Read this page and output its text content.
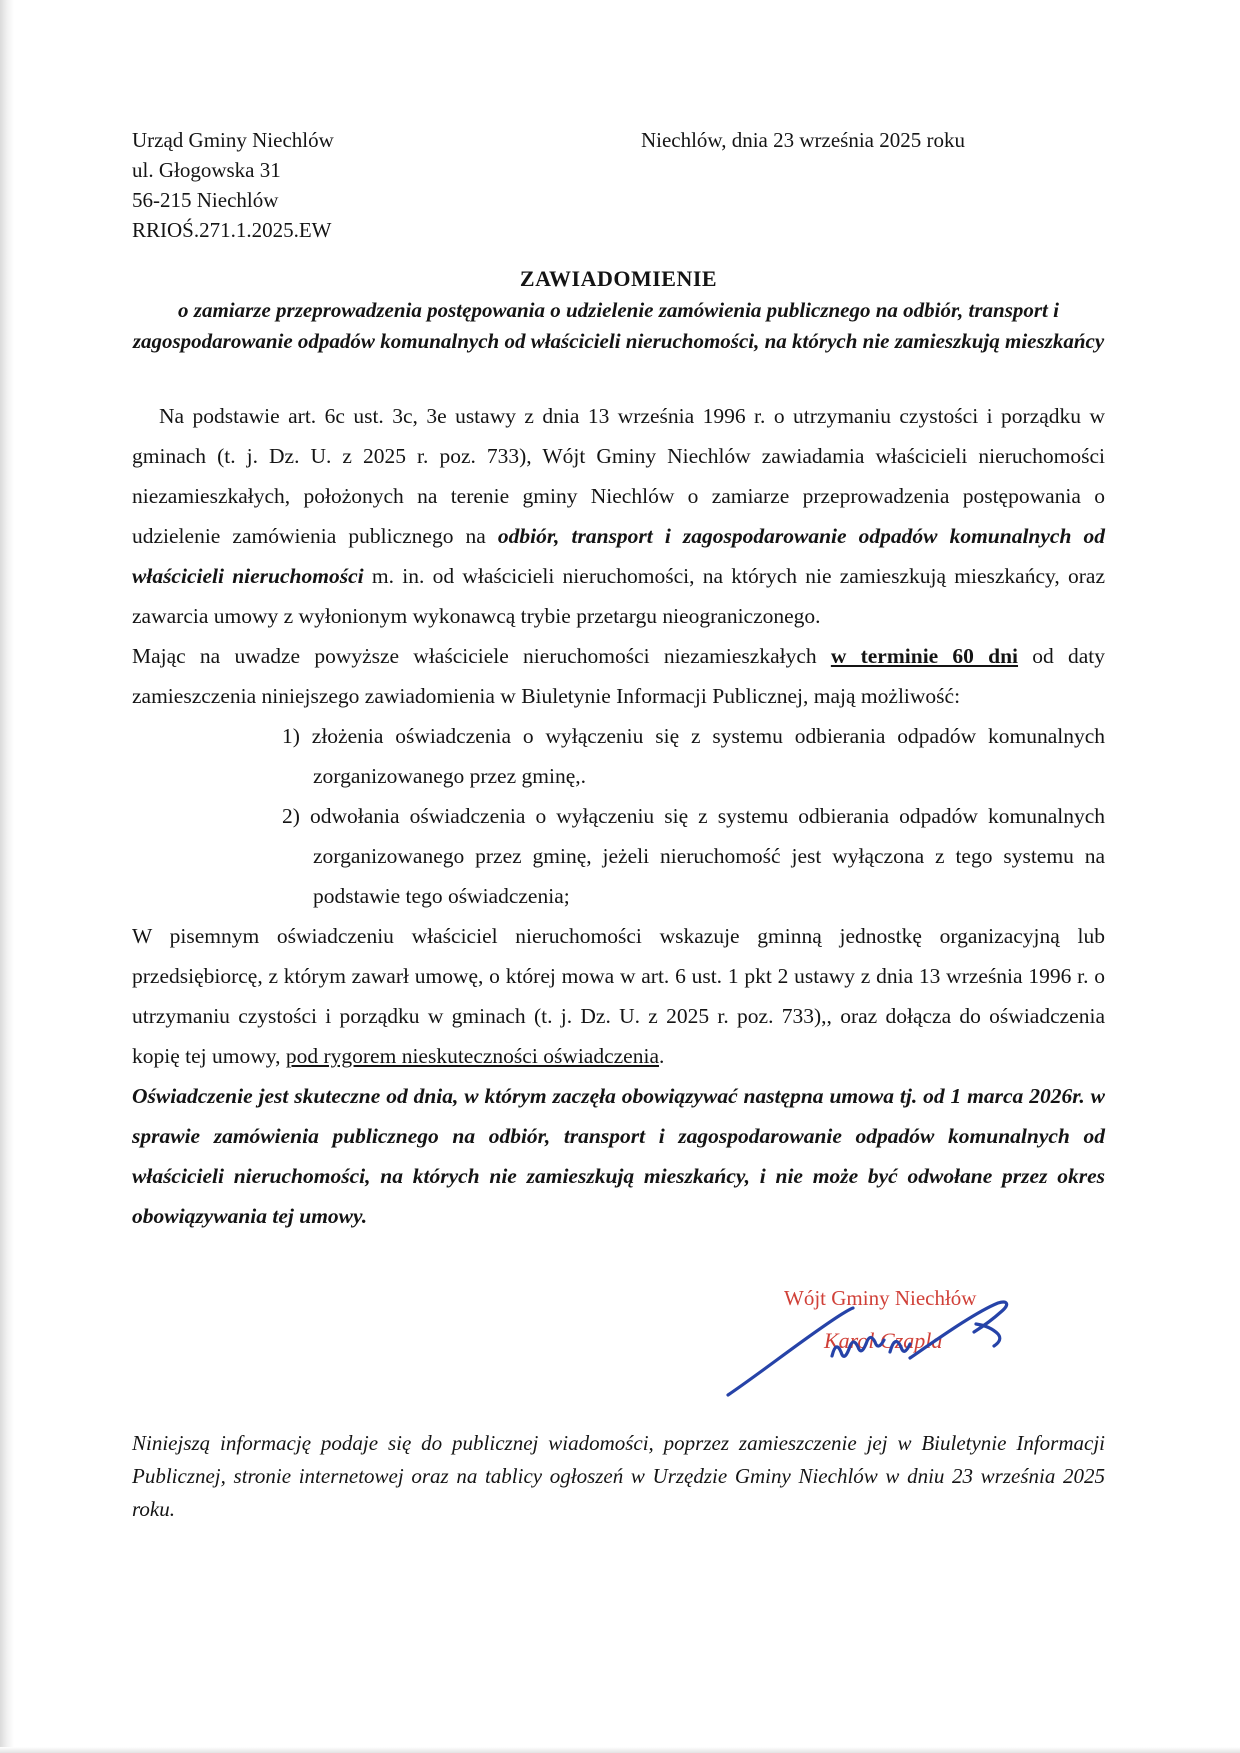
Urząd Gminy Niechlów
ul. Głogowska 31
56-215 Niechlów
RRIOŚ.271.1.2025.EW
Niechlów, dnia 23 września 2025 roku
ZAWIADOMIENIE
o zamiarze przeprowadzenia postępowania o udzielenie zamówienia publicznego na odbiór, transport i zagospodarowanie odpadów komunalnych od właścicieli nieruchomości, na których nie zamieszkują mieszkańcy

Na podstawie art. 6c ust. 3c, 3e ustawy z dnia 13 września 1996 r. o utrzymaniu czystości i porządku w gminach (t. j. Dz. U. z 2025 r. poz. 733), Wójt Gminy Niechlów zawiadamia właścicieli nieruchomości niezamieszkałych, położonych na terenie gminy Niechlów o zamiarze przeprowadzenia postępowania o udzielenie zamówienia publicznego na odbiór, transport i zagospodarowanie odpadów komunalnych od właścicieli nieruchomości m. in. od właścicieli nieruchomości, na których nie zamieszkują mieszkańcy, oraz zawarcia umowy z wyłonionym wykonawcą trybie przetargu nieograniczonego.

Mając na uwadze powyższe właściciele nieruchomości niezamieszkałych w terminie 60 dni od daty zamieszczenia niniejszego zawiadomienia w Biuletynie Informacji Publicznej, mają możliwość:

1) złożenia oświadczenia o wyłączeniu się z systemu odbierania odpadów komunalnych zorganizowanego przez gminę,.

2) odwołania oświadczenia o wyłączeniu się z systemu odbierania odpadów komunalnych zorganizowanego przez gminę, jeżeli nieruchomość jest wyłączona z tego systemu na podstawie tego oświadczenia;

W pisemnym oświadczeniu właściciel nieruchomości wskazuje gminną jednostkę organizacyjną lub przedsiębiorcę, z którym zawarł umowę, o której mowa w art. 6 ust. 1 pkt 2 ustawy z dnia 13 września 1996 r. o utrzymaniu czystości i porządku w gminach (t. j. Dz. U. z 2025 r. poz. 733),, oraz dołącza do oświadczenia kopię tej umowy, pod rygorem nieskuteczności oświadczenia.

Oświadczenie jest skuteczne od dnia, w którym zaczęła obowiązywać następna umowa tj. od 1 marca 2026r. w sprawie zamówienia publicznego na odbiór, transport i zagospodarowanie odpadów komunalnych od właścicieli nieruchomości, na których nie zamieszkują mieszkańcy, i nie może być odwołane przez okres obowiązywania tej umowy.

Wójt Gminy Niechłów
Karol Czapla
Niniejszą informację podaje się do publicznej wiadomości, poprzez zamieszczenie jej w Biuletynie Informacji Publicznej, stronie internetowej oraz na tablicy ogłoszeń w Urzędzie Gminy Niechlów w dniu 23 września 2025 roku.
